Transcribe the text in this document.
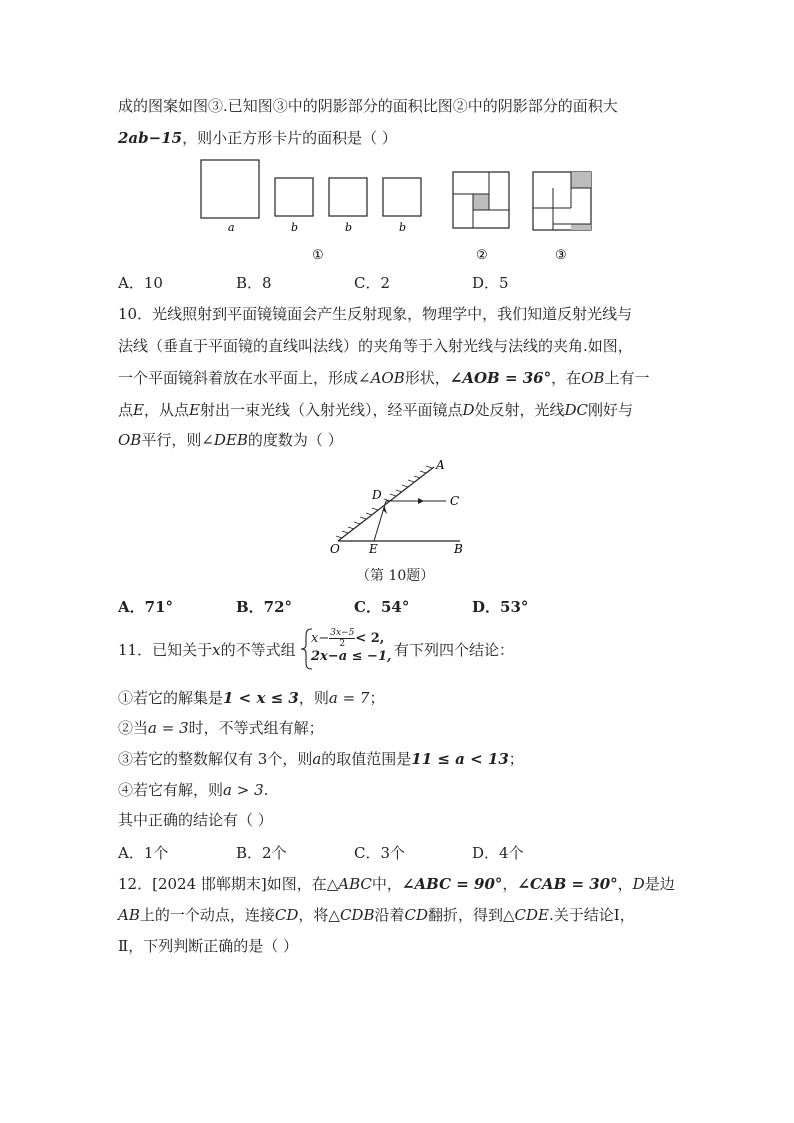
成的图案如图③.已知图③中的阴影部分的面积比图②中的阴影部分的面积大
2ab−15，则小正方形卡片的面积是（ ）
a	b	b	b
①	②	③
A．10	B．8	C．2	D．5
10．光线照射到平面镜镜面会产生反射现象，物理学中，我们知道反射光线与
法线（垂直于平面镜的直线叫法线）的夹角等于入射光线与法线的夹角.如图，
一个平面镜斜着放在水平面上，形成∠AOB形状，∠AOB = 36°，在OB上有一
点E，从点E射出一束光线（入射光线），经平面镜点D处反射，光线DC刚好与
OB平行，则∠DEB的度数为（ ）
A
D	C
O E	B
（第 10题）
A．71°	B．72°	C．54°	D．53°
11．已知关于x的不等式组
$x- \frac{3x-5}{2} < 2$,
2x−a ≤ −1, 有下列四个结论：
①若它的解集是1 < x ≤ 3，则a = 7；
②当a = 3时，不等式组有解；
③若它的整数解仅有 3个，则a的取值范围是11 ≤ a < 13；
④若它有解，则a > 3.
其中正确的结论有（ ）
A．1个	B．2个	C．3个	D．4个
12．[2024 邯郸期末]如图，在△ABC中，∠ABC = 90°，∠CAB = 30°，D是边
AB上的一个动点，连接CD，将△CDB沿着CD翻折，得到△CDE.关于结论Ⅰ，
Ⅱ，下列判断正确的是（ ）
